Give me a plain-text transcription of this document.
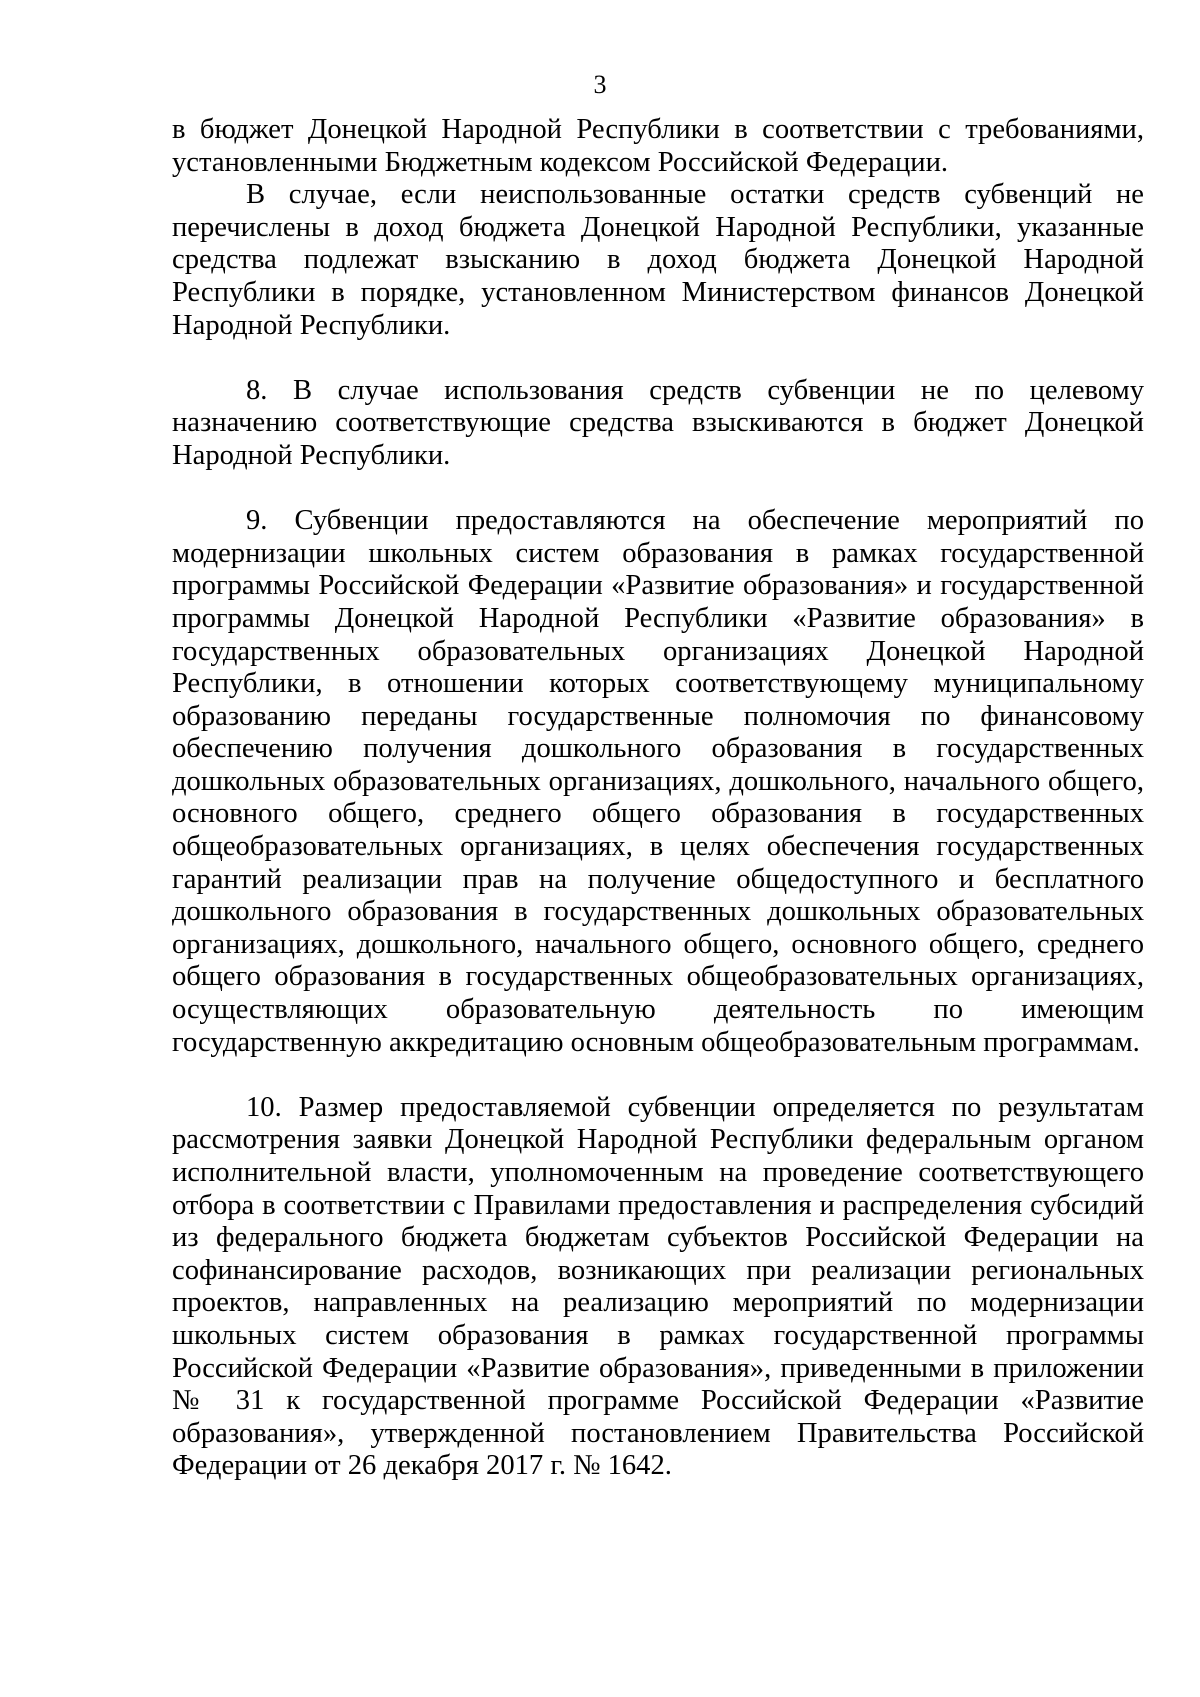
3

в бюджет Донецкой Народной Республики в соответствии с требованиями, установленными Бюджетным кодексом Российской Федерации.

В случае, если неиспользованные остатки средств субвенций не перечислены в доход бюджета Донецкой Народной Республики, указанные средства подлежат взысканию в доход бюджета Донецкой Народной Республики в порядке, установленном Министерством финансов Донецкой Народной Республики.

8. В случае использования средств субвенции не по целевому назначению соответствующие средства взыскиваются в бюджет Донецкой Народной Республики.

9. Субвенции предоставляются на обеспечение мероприятий по модернизации школьных систем образования в рамках государственной программы Российской Федерации «Развитие образования» и государственной программы Донецкой Народной Республики «Развитие образования» в государственных образовательных организациях Донецкой Народной Республики, в отношении которых соответствующему муниципальному образованию переданы государственные полномочия по финансовому обеспечению получения дошкольного образования в государственных дошкольных образовательных организациях, дошкольного, начального общего, основного общего, среднего общего образования в государственных общеобразовательных организациях, в целях обеспечения государственных гарантий реализации прав на получение общедоступного и бесплатного дошкольного образования в государственных дошкольных образовательных организациях, дошкольного, начального общего, основного общего, среднего общего образования в государственных общеобразовательных организациях, осуществляющих образовательную деятельность по имеющим государственную аккредитацию основным общеобразовательным программам.

10. Размер предоставляемой субвенции определяется по результатам рассмотрения заявки Донецкой Народной Республики федеральным органом исполнительной власти, уполномоченным на проведение соответствующего отбора в соответствии с Правилами предоставления и распределения субсидий из федерального бюджета бюджетам субъектов Российской Федерации на софинансирование расходов, возникающих при реализации региональных проектов, направленных на реализацию мероприятий по модернизации школьных систем образования в рамках государственной программы Российской Федерации «Развитие образования», приведенными в приложении № 31 к государственной программе Российской Федерации «Развитие образования», утвержденной постановлением Правительства Российской Федерации от 26 декабря 2017 г. № 1642.
